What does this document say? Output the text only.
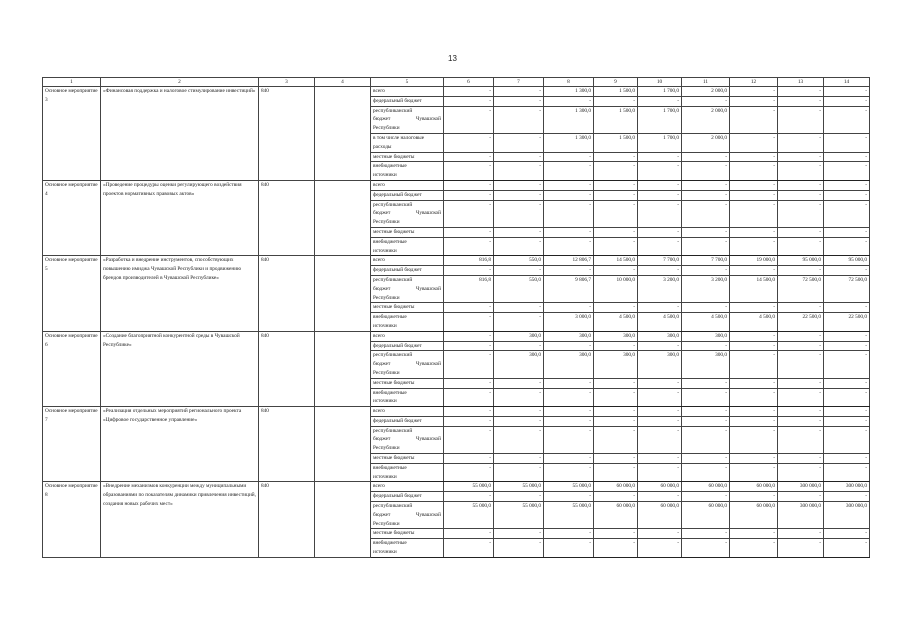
13
1	2	3	4	5	6	7	8	9	10	11	12	13	14
Основное мероприятие 3	«Финансовая поддержка и налоговое стимулирование инвестиций»	840		всего	-	-	1 300,0	1 500,0	1 700,0	2 000,0	-	-	-

				федеральный бюджет	-	-	-	-	-	-	-	-	-

				республиканский
бюджет Чувашской
Республики	-	-	1 300,0	1 500,0	1 700,0	2 000,0	-	-	-

				в том числе налоговые
расходы	-	-	1 300,0	1 500,0	1 700,0	2 000,0	-	-	-

				местные бюджеты	-	-	-	-	-	-	-	-	-

				внебюджетные
источники	-	-	-	-	-	-	-	-	-
Основное мероприятие 4	«Проведение процедуры оценки регулирующего воздействия проектов нормативных правовых актов»	840		всего	-	-	-	-	-	-	-	-	-

				федеральный бюджет	-	-	-	-	-	-	-	-	-

				республиканский
бюджет Чувашской
Республики	-	-	-	-	-	-	-	-	-

				местные бюджеты	-	-	-	-	-	-	-	-	-

				внебюджетные
источники	-	-	-	-	-	-	-	-	-
Основное мероприятие 5	«Разработка и внедрение инструментов, способствующих повышению имиджа Чувашской Республики и продвижению брендов производителей в Чувашской Республике»	840		всего	816,8	550,0	12 806,7	14 500,0	7 700,0	7 700,0	19 000,0	95 000,0	95 000,0

				федеральный бюджет	-	-	-	-	-	-	-	-	-

				республиканский
бюджет Чувашской
Республики	816,8	550,0	9 806,7	10 000,0	3 200,0	3 200,0	14 500,0	72 500,0	72 500,0

				местные бюджеты	-	-	-	-	-	-	-	-	-

				внебюджетные
источники	-	-	3 000,0	4 500,0	4 500,0	4 500,0	4 500,0	22 500,0	22 500,0
Основное мероприятие 6	«Создание благоприятной конкурентной среды в Чувашской Республике»	840		всего	-	300,0	300,0	300,0	300,0	300,0	-	-	-

				федеральный бюджет	-	-	-	-	-	-	-	-	-

				республиканский
бюджет Чувашской
Республики	-	300,0	300,0	300,0	300,0	300,0	-	-	-

				местные бюджеты	-	-	-	-	-	-	-	-	-

				внебюджетные
источники	-	-	-	-	-	-	-	-	-
Основное мероприятие 7	«Реализация отдельных мероприятий регионального проекта «Цифровое государственное управление»	840		всего	-	-	-	-	-	-	-	-	-

				федеральный бюджет	-	-	-	-	-	-	-	-	-

				республиканский
бюджет Чувашской
Республики	-	-	-	-	-	-	-	-	-

				местные бюджеты	-	-	-	-	-	-	-	-	-

				внебюджетные
источники	-	-	-	-	-	-	-	-	-
Основное мероприятие 8	«Внедрение механизмов конкуренции между муниципальными образованиями по показателям динамики привлечения инвестиций, создания новых рабочих мест»	840		всего	55 000,0	55 000,0	55 000,0	60 000,0	60 000,0	60 000,0	60 000,0	300 000,0	300 000,0

				федеральный бюджет	-	-	-	-	-	-	-	-	-

				республиканский
бюджет Чувашской
Республики	55 000,0	55 000,0	55 000,0	60 000,0	60 000,0	60 000,0	60 000,0	300 000,0	300 000,0

				местные бюджеты	-	-	-	-	-	-	-	-	-

				внебюджетные
источники	-	-	-	-	-	-	-	-	-
